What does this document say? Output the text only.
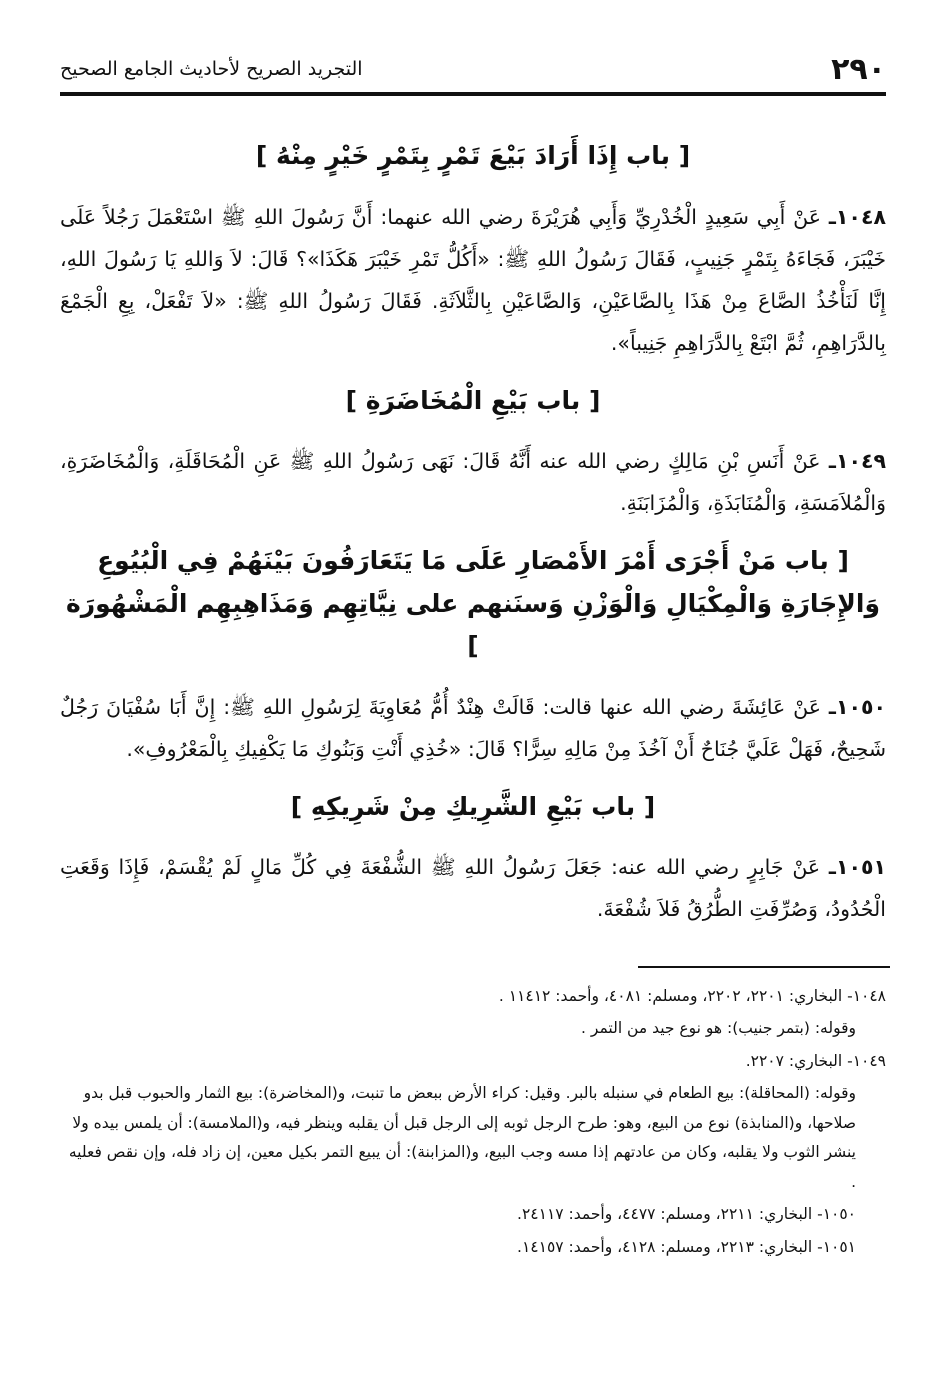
٢٩٠
التجريد الصريح لأحاديث الجامع الصحيح
[ باب إِذَا أَرَادَ بَيْعَ تَمْرٍ بِتَمْرٍ خَيْرٍ مِنْهُ ]

١٠٤٨ـ عَنْ أَبِي سَعِيدٍ الْخُدْرِيِّ وَأَبِي هُرَيْرَةَ رضي الله عنهما: أَنَّ رَسُولَ اللهِ ﷺ اسْتَعْمَلَ رَجُلاً عَلَى خَيْبَرَ، فَجَاءَهُ بِتَمْرٍ جَنِيبٍ، فَقَالَ رَسُولُ اللهِ ﷺ: «أَكُلُّ تَمْرِ خَيْبَرَ هَكَذَا»؟ قَالَ: لاَ وَاللهِ يَا رَسُولَ اللهِ، إِنَّا لَنَأْخُذُ الصَّاعَ مِنْ هَذَا بِالصَّاعَيْنِ، وَالصَّاعَيْنِ بِالثَّلاَثَةِ. فَقَالَ رَسُولُ اللهِ ﷺ: «لاَ تَفْعَلْ، بِعِ الْجَمْعَ بِالدَّرَاهِمِ، ثُمَّ ابْتَعْ بِالدَّرَاهِمِ جَنِيباً».

[ باب بَيْعِ الْمُخَاضَرَةِ ]

١٠٤٩ـ عَنْ أَنَسِ بْنِ مَالِكٍ رضي الله عنه أَنَّهُ قَالَ: نَهَى رَسُولُ اللهِ ﷺ عَنِ الْمُحَاقَلَةِ، وَالْمُخَاضَرَةِ، وَالْمُلاَمَسَةِ، وَالْمُنَابَذَةِ، وَالْمُزَابَنَةِ.

[ باب مَنْ أَجْرَى أَمْرَ الأَمْصَارِ عَلَى مَا يَتَعَارَفُونَ بَيْنَهُمْ فِي الْبُيُوعِ وَالإِجَارَةِ وَالْمِكْيَالِ وَالْوَزْنِ وَسنَنهم على نِيَّاتِهِم وَمَذَاهِبِهِم الْمَشْهُورَة ]

١٠٥٠ـ عَنْ عَائِشَةَ رضي الله عنها قالت: قَالَتْ هِنْدٌ أُمُّ مُعَاوِيَةَ لِرَسُولِ اللهِ ﷺ: إِنَّ أَبَا سُفْيَانَ رَجُلٌ شَحِيحٌ، فَهَلْ عَلَيَّ جُنَاحٌ أَنْ آخُذَ مِنْ مَالِهِ سِرًّا؟ قَالَ: «خُذِي أَنْتِ وَبَنُوكِ مَا يَكْفِيكِ بِالْمَعْرُوفِ».

[ باب بَيْعِ الشَّرِيكِ مِنْ شَرِيكِهِ ]

١٠٥١ـ عَنْ جَابِرٍ رضي الله عنه: جَعَلَ رَسُولُ اللهِ ﷺ الشُّفْعَةَ فِي كُلِّ مَالٍ لَمْ يُقْسَمْ، فَإِذَا وَقَعَتِ الْحُدُودُ، وَصُرِّفَتِ الطُّرُقُ فَلاَ شُفْعَةَ.

١٠٤٨- البخاري: ٢٢٠١، ٢٢٠٢، ومسلم: ٤٠٨١، وأحمد: ١١٤١٢ .
وقوله: (بتمر جنيب): هو نوع جيد من التمر .
١٠٤٩- البخاري: ٢٢٠٧.
وقوله: (المحاقلة): بيع الطعام في سنبله بالبر. وقيل: كراء الأرض ببعض ما تنبت، و(المخاضرة): بيع الثمار والحبوب قبل بدو صلاحها، و(المنابذة) نوع من البيع، وهو: طرح الرجل ثوبه إلى الرجل قبل أن يقلبه وينظر فيه، و(الملامسة): أن يلمس بيده ولا ينشر الثوب ولا يقلبه، وكان من عادتهم إذا مسه وجب البيع، و(المزابنة): أن يبيع التمر بكيل معين، إن زاد فله، وإن نقص فعليه .
١٠٥٠- البخاري: ٢٢١١، ومسلم: ٤٤٧٧، وأحمد: ٢٤١١٧.
١٠٥١- البخاري: ٢٢١٣، ومسلم: ٤١٢٨، وأحمد: ١٤١٥٧.
